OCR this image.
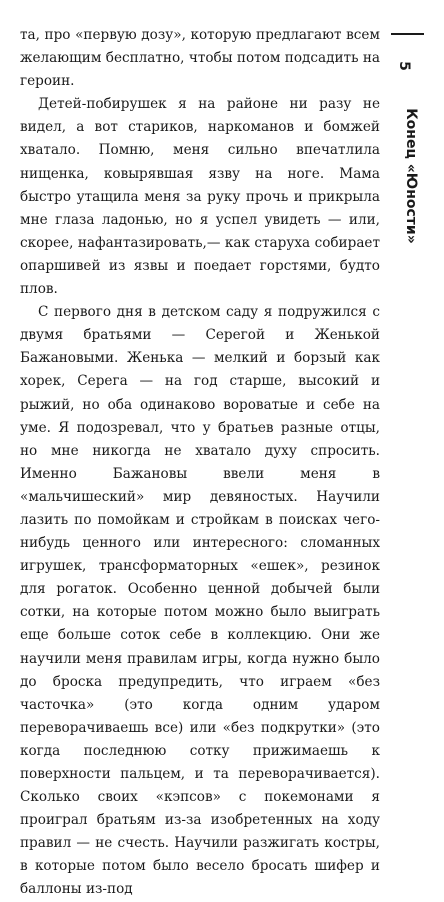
5
Конец «Юности»

та, про «первую дозу», которую предлагают всем желающим бесплатно, чтобы потом подсадить на героин.

Детей-побирушек я на районе ни разу не видел, а вот стариков, наркоманов и бомжей хватало. Помню, меня сильно впечатлила нищенка, ковырявшая язву на ноге. Мама быстро утащила меня за руку прочь и прикрыла мне глаза ладонью, но я успел увидеть — или, скорее, нафантазировать,— как старуха собирает опаршивей из язвы и поедает горстями, будто плов.

С первого дня в детском саду я подружился с двумя братьями — Серегой и Женькой Бажановыми. Женька — мелкий и борзый как хорек, Серега — на год старше, высокий и рыжий, но оба одинаково вороватые и себе на уме. Я подозревал, что у братьев разные отцы, но мне никогда не хватало духу спросить. Именно Бажановы ввели меня в «мальчишеский» мир девяностых. Научили лазить по помойкам и стройкам в поисках чего-нибудь ценного или интересного: сломанных игрушек, трансформаторных «ешек», резинок для рогаток. Особенно ценной добычей были сотки, на которые потом можно было выиграть еще больше соток себе в коллекцию. Они же научили меня правилам игры, когда нужно было до броска предупредить, что играем «без часточка» (это когда одним ударом переворачиваешь все) или «без подкрутки» (это когда последнюю сотку прижимаешь к поверхности пальцем, и та переворачивается). Сколько своих «кэпсов» с покемонами я проиграл братьям из-за изобретенных на ходу правил — не счесть. Научили разжигать костры, в которые потом было весело бросать шифер и баллоны из-под
